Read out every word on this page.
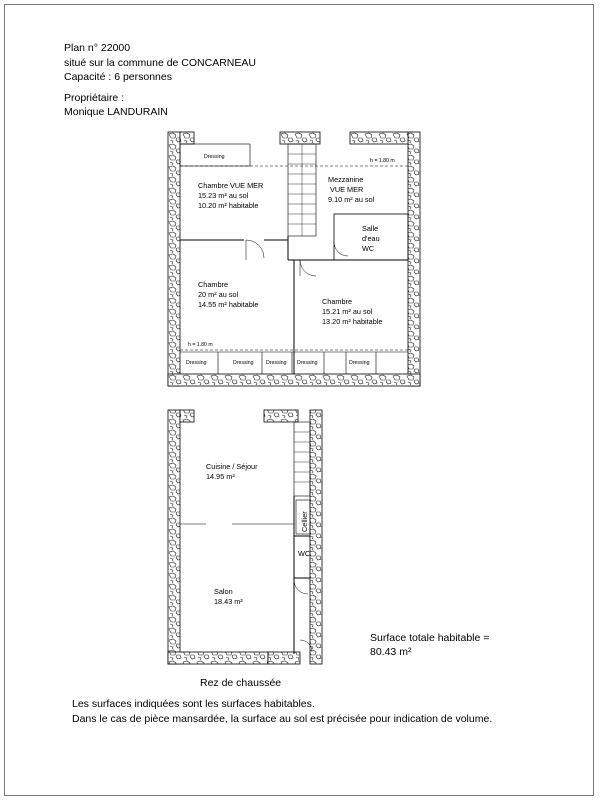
Plan n° 22000
situé sur la commune de CONCARNEAU
Capacité : 6 personnes
Propriétaire :
Monique LANDURAIN
Dressing
h = 1.80 m
h = 1.80 m
Dressing	Dressing Dressing Dressing	Dressing
Chambre VUE MER
15.23 m² au sol
10.20 m² habitable
Mezzanine
VUE MER
9.10 m² au sol
Salle
d'eau
WC
Chambre
20 m² au sol
14.55 m² habitable	Chambre
15.21 m² au sol
13.20 m² habitable
Cuisine / Séjour
14.95 m²
Cellier
WC
Salon
18.43 m²
Surface totale habitable =
80.43 m²
Rez de chaussée
Les surfaces indiquées sont les surfaces habitables.
Dans le cas de pièce mansardée, la surface au sol est précisée pour indication de volume.
